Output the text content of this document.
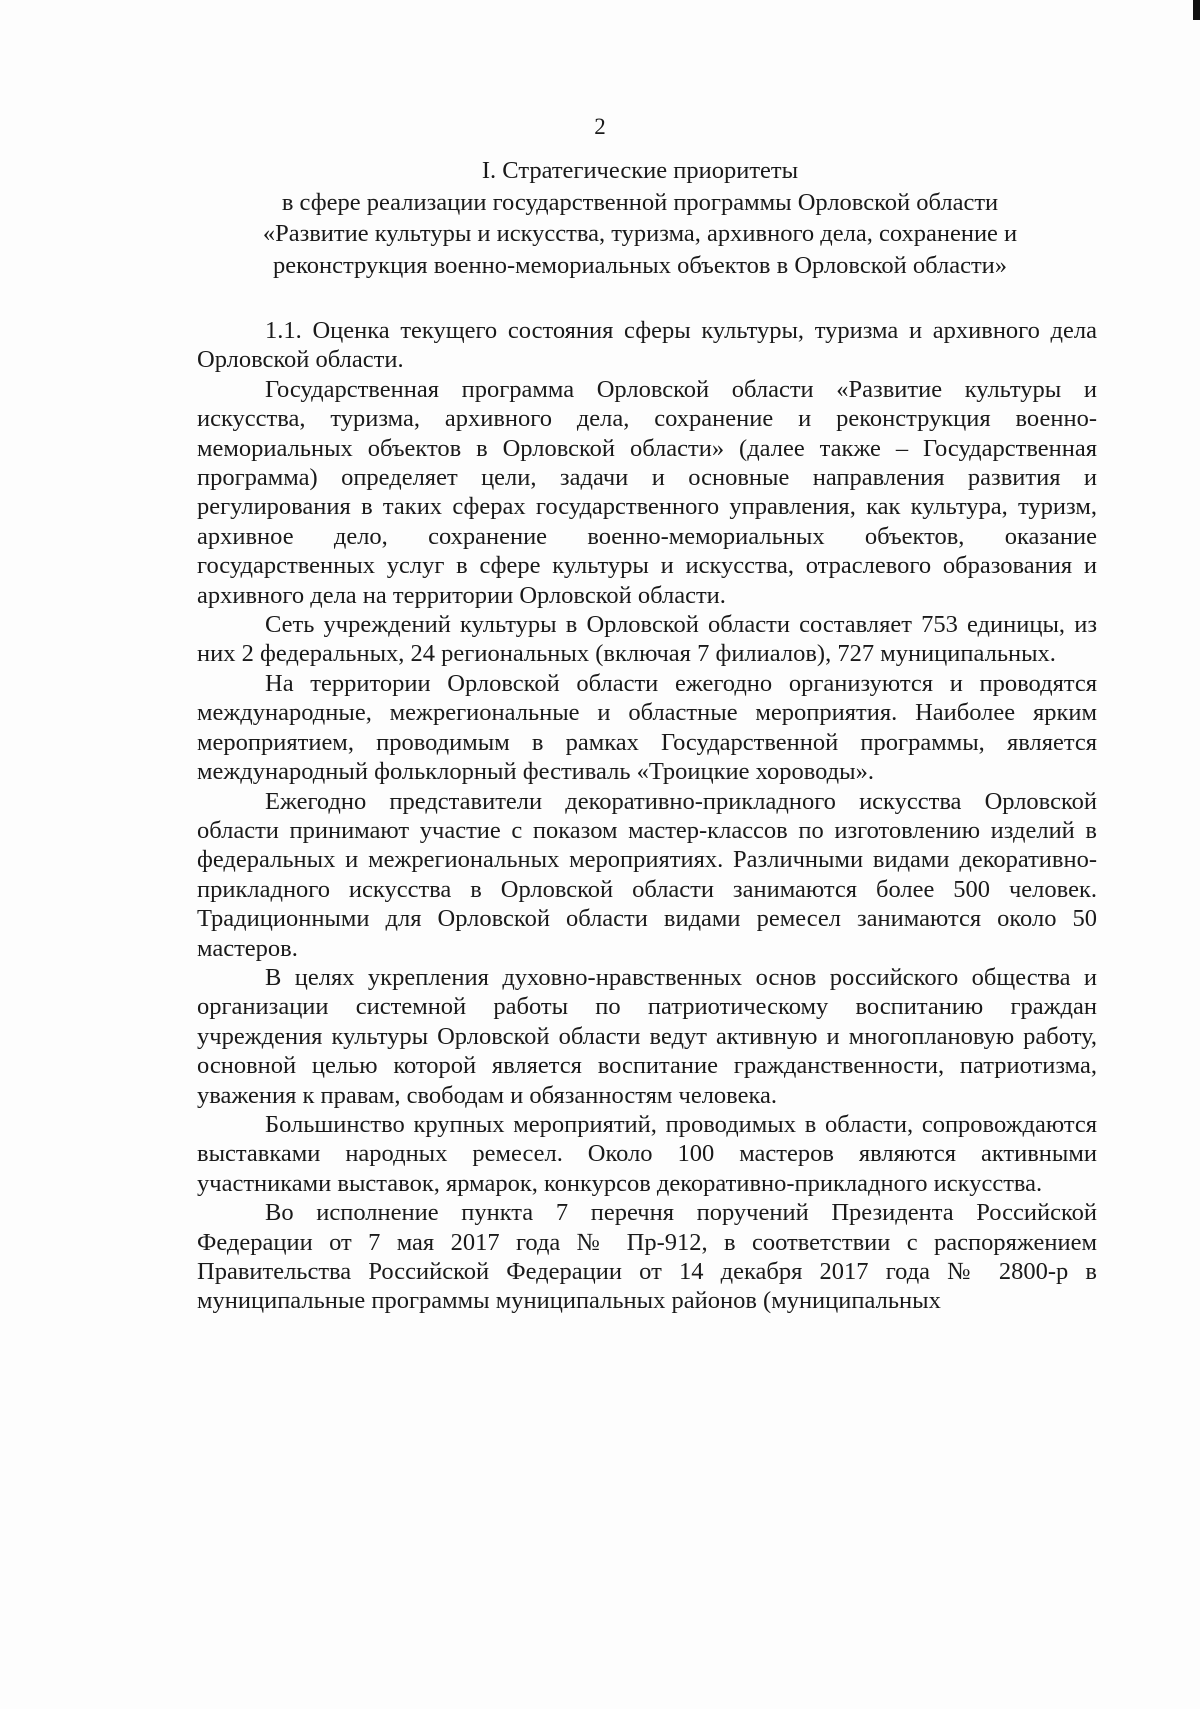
2
I. Стратегические приоритеты
в сфере реализации государственной программы Орловской области
«Развитие культуры и искусства, туризма, архивного дела, сохранение и
реконструкция военно-мемориальных объектов в Орловской области»

1.1. Оценка текущего состояния сферы культуры, туризма и архивного дела Орловской области.

Государственная программа Орловской области «Развитие культуры и искусства, туризма, архивного дела, сохранение и реконструкция военно-мемориальных объектов в Орловской области» (далее также – Государственная программа) определяет цели, задачи и основные направления развития и регулирования в таких сферах государственного управления, как культура, туризм, архивное дело, сохранение военно-мемориальных объектов, оказание государственных услуг в сфере культуры и искусства, отраслевого образования и архивного дела на территории Орловской области.

Сеть учреждений культуры в Орловской области составляет 753 единицы, из них 2 федеральных, 24 региональных (включая 7 филиалов), 727 муниципальных.

На территории Орловской области ежегодно организуются и проводятся международные, межрегиональные и областные мероприятия. Наиболее ярким мероприятием, проводимым в рамках Государственной программы, является международный фольклорный фестиваль «Троицкие хороводы».

Ежегодно представители декоративно-прикладного искусства Орловской области принимают участие с показом мастер-классов по изготовлению изделий в федеральных и межрегиональных мероприятиях. Различными видами декоративно-прикладного искусства в Орловской области занимаются более 500 человек. Традиционными для Орловской области видами ремесел занимаются около 50 мастеров.

В целях укрепления духовно-нравственных основ российского общества и организации системной работы по патриотическому воспитанию граждан учреждения культуры Орловской области ведут активную и многоплановую работу, основной целью которой является воспитание гражданственности, патриотизма, уважения к правам, свободам и обязанностям человека.

Большинство крупных мероприятий, проводимых в области, сопровождаются выставками народных ремесел. Около 100 мастеров являются активными участниками выставок, ярмарок, конкурсов декоративно-прикладного искусства.

Во исполнение пункта 7 перечня поручений Президента Российской Федерации от 7 мая 2017 года № Пр-912, в соответствии с распоряжением Правительства Российской Федерации от 14 декабря 2017 года № 2800-р в муниципальные программы муниципальных районов (муниципальных
